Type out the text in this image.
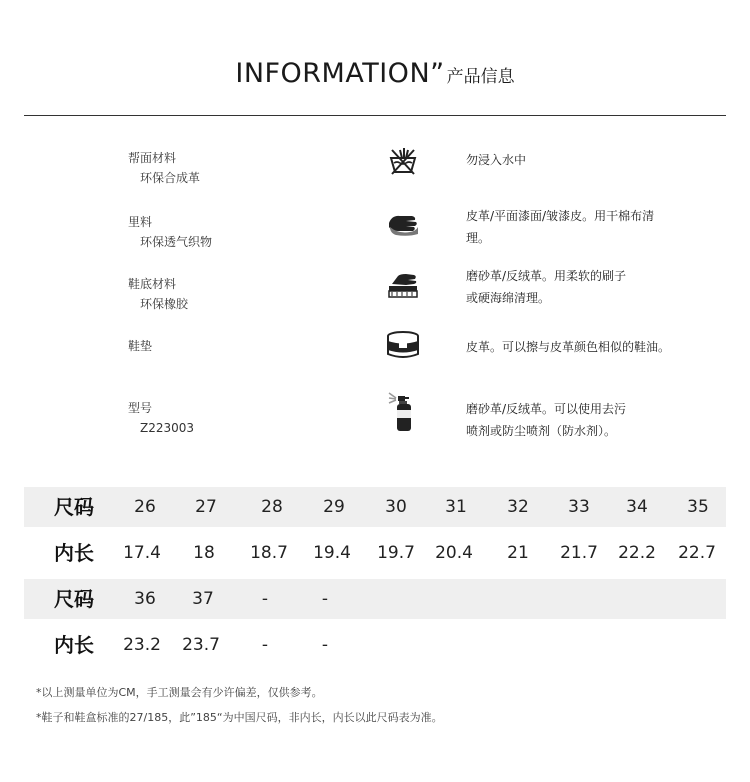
INFORMATION” 产品信息
帮面材料
环保合成革
里料
环保透气织物
鞋底材料
环保橡胶
鞋垫
型号
Z223003
勿浸入水中
皮革/平面漆面/皱漆皮。用干棉布清
理。
磨砂革/反绒革。用柔软的刷子
或硬海绵清理。
皮革。可以擦与皮革颜色相似的鞋油。
磨砂革/反绒革。可以使用去污
喷剂或防尘喷剂（防水剂）。
尺码	26	27	28	29	30	31	32	33	34	35
内长	17.4	18	18.7	19.4	19.7	20.4	21	21.7	22.2	22.7
尺码	36	37	-	-
内长	23.2	23.7	-	-
*以上测量单位为CM，手工测量会有少许偏差，仅供参考。
*鞋子和鞋盒标准的27/185，此”185“为中国尺码，非内长，内长以此尺码表为准。
